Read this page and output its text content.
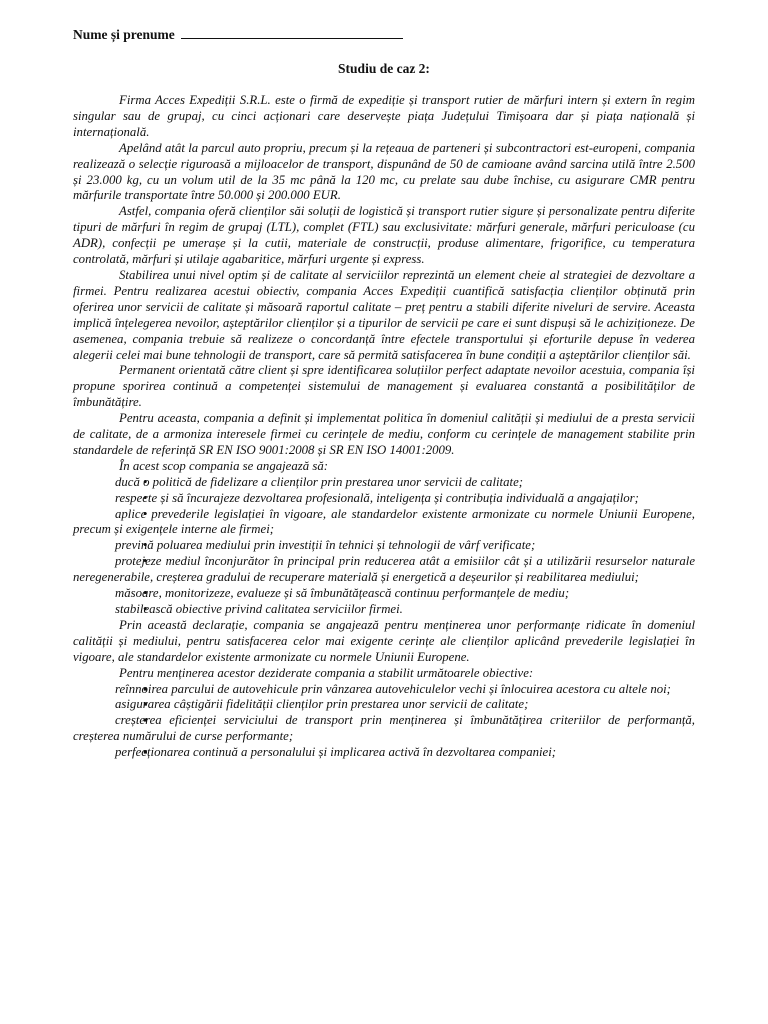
Nume și prenume

Studiu de caz 2:

Firma Acces Expediții S.R.L. este o firmă de expediție și transport rutier de mărfuri intern și extern în regim singular sau de grupaj, cu cinci acționari care deservește piața Județului Timișoara dar și piața națională și internațională.

Apelând atât la parcul auto propriu, precum și la rețeaua de parteneri și subcontractori est-europeni, compania realizează o selecție riguroasă a mijloacelor de transport, dispunând de 50 de camioane având sarcina utilă între 2.500 și 23.000 kg, cu un volum util de la 35 mc până la 120 mc, cu prelate sau dube închise, cu asigurare CMR pentru mărfurile transportate între 50.000 și 200.000 EUR.

Astfel, compania oferă clienților săi soluții de logistică și transport rutier sigure și personalizate pentru diferite tipuri de mărfuri în regim de grupaj (LTL), complet (FTL) sau exclusivitate: mărfuri generale, mărfuri periculoase (cu ADR), confecții pe umerașe și la cutii, materiale de construcții, produse alimentare, frigorifice, cu temperatura controlată, mărfuri și utilaje agabaritice, mărfuri urgente și express.

Stabilirea unui nivel optim și de calitate al serviciilor reprezintă un element cheie al strategiei de dezvoltare a firmei. Pentru realizarea acestui obiectiv, compania Acces Expediții cuantifică satisfacția clienților obținută prin oferirea unor servicii de calitate și măsoară raportul calitate – preț pentru a stabili diferite niveluri de servire. Aceasta implică înțelegerea nevoilor, așteptărilor clienților și a tipurilor de servicii pe care ei sunt dispuși să le achiziționeze. De asemenea, compania trebuie să realizeze o concordanță între efectele transportului și eforturile depuse în vederea alegerii celei mai bune tehnologii de transport, care să permită satisfacerea în bune condiții a așteptărilor clienților săi.

Permanent orientată către client și spre identificarea soluțiilor perfect adaptate nevoilor acestuia, compania își propune sporirea continuă a competenței sistemului de management și evaluarea constantă a posibilităților de îmbunătățire.

Pentru aceasta, compania a definit și implementat politica în domeniul calității și mediului de a presta servicii de calitate, de a armoniza interesele firmei cu cerințele de mediu, conform cu cerințele de management stabilite prin standardele de referință SR EN ISO 9001:2008 și SR EN ISO 14001:2009.

În acest scop compania se angajează să:

ducă o politică de fidelizare a clienților prin prestarea unor servicii de calitate;
respecte și să încurajeze dezvoltarea profesională, inteligența și contribuția individuală a angajaților;
aplice prevederile legislației în vigoare, ale standardelor existente armonizate cu normele Uniunii Europene, precum și exigențele interne ale firmei;
prevină poluarea mediului prin investiții în tehnici și tehnologii de vârf verificate;
protejeze mediul înconjurător în principal prin reducerea atât a emisiilor cât și a utilizării resurselor naturale neregenerabile, creșterea gradului de recuperare materială și energetică a deșeurilor și reabilitarea mediului;
măsoare, monitorizeze, evalueze și să îmbunătățească continuu performanțele de mediu;
stabilească obiective privind calitatea serviciilor firmei.

Prin această declarație, compania se angajează pentru menținerea unor performanțe ridicate în domeniul calității și mediului, pentru satisfacerea celor mai exigente cerințe ale clienților aplicând prevederile legislației în vigoare, ale standardelor existente armonizate cu normele Uniunii Europene.

Pentru menținerea acestor deziderate compania a stabilit următoarele obiective:

reînnoirea parcului de autovehicule prin vânzarea autovehiculelor vechi și înlocuirea acestora cu altele noi;
asigurarea câștigării fidelității clienților prin prestarea unor servicii de calitate;
creșterea eficienței serviciului de transport prin menținerea și îmbunătățirea criteriilor de performanță, creșterea numărului de curse performante;
perfecționarea continuă a personalului și implicarea activă în dezvoltarea companiei;
